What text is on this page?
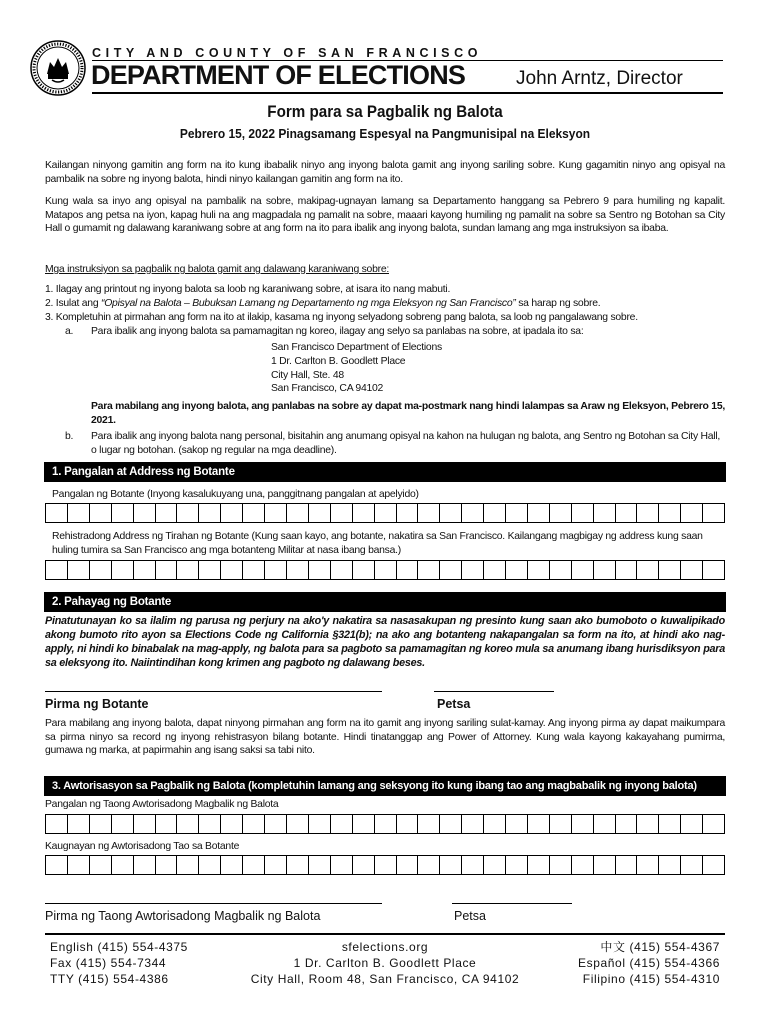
CITY AND COUNTY OF SAN FRANCISCO
DEPARTMENT OF ELECTIONS	John Arntz, Director
Form para sa Pagbalik ng Balota
Pebrero 15, 2022 Pinagsamang Espesyal na Pangmunisipal na Eleksyon
Kailangan ninyong gamitin ang form na ito kung ibabalik ninyo ang inyong balota gamit ang inyong sariling sobre. Kung gagamitin ninyo ang opisyal na pambalik na sobre ng inyong balota, hindi ninyo kailangan gamitin ang form na ito.
Kung wala sa inyo ang opisyal na pambalik na sobre, makipag-ugnayan lamang sa Departamento hanggang sa Pebrero 9 para humiling ng kapalit. Matapos ang petsa na iyon, kapag huli na ang magpadala ng pamalit na sobre, maaari kayong humiling ng pamalit na sobre sa Sentro ng Botohan sa City Hall o gumamit ng dalawang karaniwang sobre at ang form na ito para ibalik ang inyong balota, sundan lamang ang mga instruksiyon sa ibaba.
Mga instruksiyon sa pagbalik ng balota gamit ang dalawang karaniwang sobre:
1. Ilagay ang printout ng inyong balota sa loob ng karaniwang sobre, at isara ito nang mabuti.
2. Isulat ang “Opisyal na Balota – Bubuksan Lamang ng Departamento ng mga Eleksyon ng San Francisco” sa harap ng sobre.
3. Kompletuhin at pirmahan ang form na ito at ilakip, kasama ng inyong selyadong sobreng pang balota, sa loob ng pangalawang sobre.
a.	Para ibalik ang inyong balota sa pamamagitan ng koreo, ilagay ang selyo sa panlabas na sobre, at ipadala ito sa:
San Francisco Department of Elections
1 Dr. Carlton B. Goodlett Place
City Hall, Ste. 48
San Francisco, CA 94102
Para mabilang ang inyong balota, ang panlabas na sobre ay dapat ma-postmark nang hindi lalampas sa Araw ng Eleksyon, Pebrero 15, 2021.
b.	Para ibalik ang inyong balota nang personal, bisitahin ang anumang opisyal na kahon na hulugan ng balota, ang Sentro ng Botohan sa City Hall, o lugar ng botohan. (sakop ng regular na mga deadline).
1. Pangalan at Address ng Botante
Pangalan ng Botante (Inyong kasalukuyang una, panggitnang pangalan at apelyido)
Rehistradong Address ng Tirahan ng Botante (Kung saan kayo, ang botante, nakatira sa San Francisco. Kailangang magbigay ng address kung saan huling tumira sa San Francisco ang mga botanteng Militar at nasa ibang bansa.)
2. Pahayag ng Botante
Pinatutunayan ko sa ilalim ng parusa ng perjury na ako'y nakatira sa nasasakupan ng presinto kung saan ako bumoboto o kuwalipikado akong bumoto rito ayon sa Elections Code ng California §321(b); na ako ang botanteng nakapangalan sa form na ito, at hindi ako nag-apply, ni hindi ko binabalak na mag-apply, ng balota para sa pagboto sa pamamagitan ng koreo mula sa anumang ibang hurisdiksyon para sa eleksyong ito. Naiintindihan kong krimen ang pagboto ng dalawang beses.
Pirma ng Botante	Petsa
Para mabilang ang inyong balota, dapat ninyong pirmahan ang form na ito gamit ang inyong sariling sulat-kamay. Ang inyong pirma ay dapat maikumpara sa pirma ninyo sa record ng inyong rehistrasyon bilang botante. Hindi tinatanggap ang Power of Attorney. Kung wala kayong kakayahang pumirma, gumawa ng marka, at papirmahin ang isang saksi sa tabi nito.
3. Awtorisasyon sa Pagbalik ng Balota (kompletuhin lamang ang seksyong ito kung ibang tao ang magbabalik ng inyong balota)
Pangalan ng Taong Awtorisadong Magbalik ng Balota
Kaugnayan ng Awtorisadong Tao sa Botante
Pirma ng Taong Awtorisadong Magbalik ng Balota	Petsa
English (415) 554-4375
Fax (415) 554-7344
TTY (415) 554-4386
sfelections.org
1 Dr. Carlton B. Goodlett Place
City Hall, Room 48, San Francisco, CA 94102
中文 (415) 554-4367
Español (415) 554-4366
Filipino (415) 554-4310
